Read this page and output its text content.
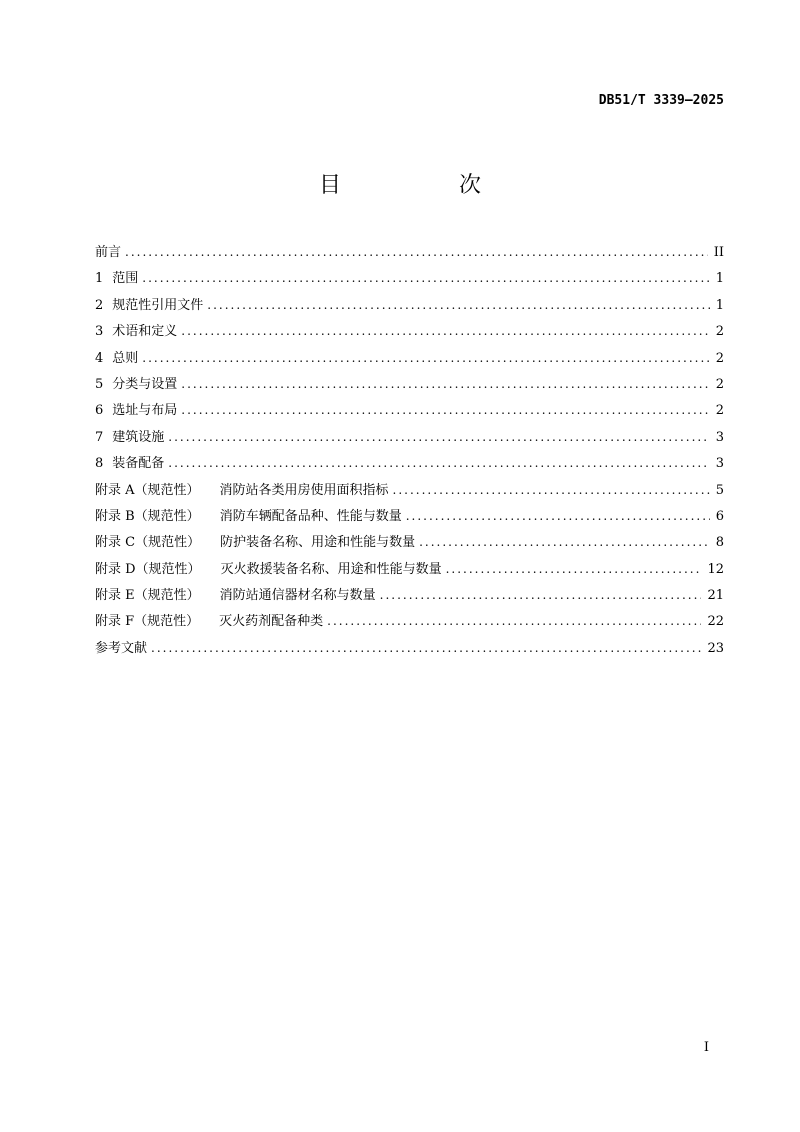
DB51/T 3339—2025
目　次
前言 .....	II
1 范围 .....	1
2 规范性引用文件 .....	1
3 术语和定义 .....	2
4 总则 .....	2
5 分类与设置 .....	2
6 选址与布局 .....	2
7 建筑设施 .....	3
8 装备配备 .....	3
附录 A（规范性） 消防站各类用房使用面积指标 .....	5
附录 B（规范性） 消防车辆配备品种、性能与数量 .....	6
附录 C（规范性） 防护装备名称、用途和性能与数量 .....	8
附录 D（规范性） 灭火救援装备名称、用途和性能与数量 .....	12
附录 E（规范性） 消防站通信器材名称与数量 .....	21
附录 F（规范性） 灭火药剂配备种类 .....	22
参考文献 .....	23
I
